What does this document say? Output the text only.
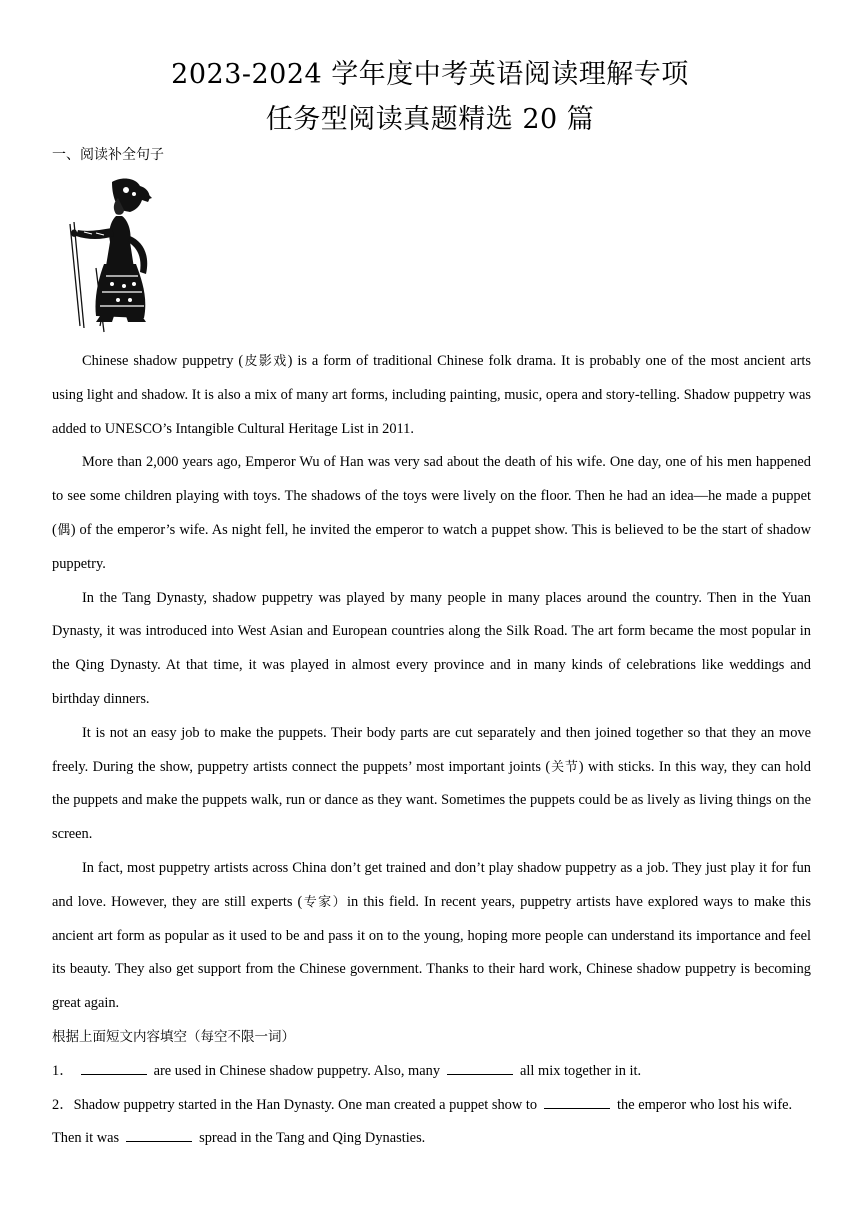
2023-2024 学年度中考英语阅读理解专项
任务型阅读真题精选 20 篇
一、阅读补全句子

Chinese shadow puppetry (皮影戏) is a form of traditional Chinese folk drama. It is probably one of the most ancient arts using light and shadow. It is also a mix of many art forms, including painting, music, opera and story-telling. Shadow puppetry was added to UNESCO’s Intangible Cultural Heritage List in 2011.

More than 2,000 years ago, Emperor Wu of Han was very sad about the death of his wife. One day, one of his men happened to see some children playing with toys. The shadows of the toys were lively on the floor. Then he had an idea—he made a puppet (偶) of the emperor’s wife. As night fell, he invited the emperor to watch a puppet show. This is believed to be the start of shadow puppetry.

In the Tang Dynasty, shadow puppetry was played by many people in many places around the country. Then in the Yuan Dynasty, it was introduced into West Asian and European countries along the Silk Road. The art form became the most popular in the Qing Dynasty. At that time, it was played in almost every province and in many kinds of celebrations like weddings and birthday dinners.

It is not an easy job to make the puppets. Their body parts are cut separately and then joined together so that they an move freely. During the show, puppetry artists connect the puppets’ most important joints (关节) with sticks. In this way, they can hold the puppets and make the puppets walk, run or dance as they want. Sometimes the puppets could be as lively as living things on the screen.

In fact, most puppetry artists across China don’t get trained and don’t play shadow puppetry as a job. They just play it for fun and love. However, they are still experts (专家）in this field. In recent years, puppetry artists have explored ways to make this ancient art form as popular as it used to be and pass it on to the young, hoping more people can understand its importance and feel its beauty. They also get support from the Chinese government. Thanks to their hard work, Chinese shadow puppetry is becoming great again.

根据上面短文内容填空（每空不限一词）

1．	are used in Chinese shadow puppetry. Also, many	all mix together in it.

2．Shadow puppetry started in the Han Dynasty. One man created a puppet show to	the emperor who lost his wife. Then it was	spread in the Tang and Qing Dynasties.
